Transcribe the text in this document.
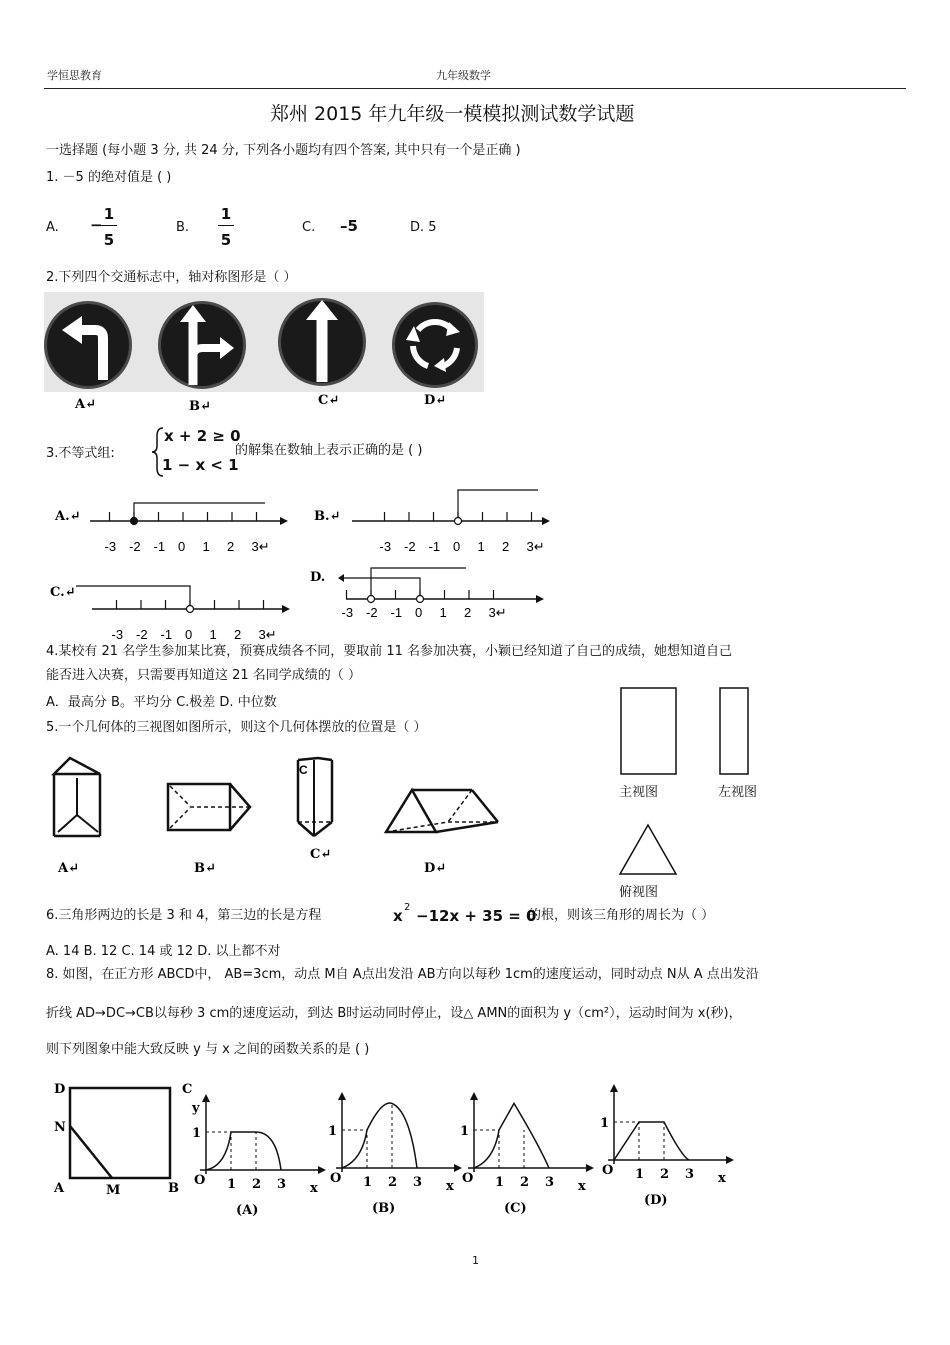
学恒思教育	九年级数学
郑州 2015 年九年级一模模拟测试数学试题
一选择题 (每小题 3 分, 共 24 分, 下列各小题均有四个答案, 其中只有一个是正确 )
1. －5 的绝对值是 ( )
A. −
1
5
B.
1
5
C. –5	D. 5
2.下列四个交通标志中，轴对称图形是（ ）
A↵	B↵	C↵	D↵
3.不等式组:
x + 2 ≥ 0
1 − x < 1
的解集在数轴上表示正确的是 ( )
-3 -2 -1 0 1 2 3↵
A.↵
-3 -2 -1 0 1 2 3↵
B.↵
-3 -2 -1 0 1 2 3↵
C.↵
-3 -2 -1 0 1 2 3↵
D.
4.某校有 21 名学生参加某比赛，预赛成绩各不同，要取前 11 名参加决赛，小颖已经知道了自己的成绩，她想知道自己
能否进入决赛，只需要再知道这 21 名同学成绩的（ ）
A．最高分 B。平均分 C.极差 D. 中位数
5.一个几何体的三视图如图所示，则这个几何体摆放的位置是（ ）
C
A↵	B↵
C↵
D↵
主视图	左视图
俯视图
6.三角形两边的长是 3 和 4，第三边的长是方程	x 2 −12x + 35 = 0
的根，则该三角形的周长为（ ）
A. 14 B. 12 C. 14 或 12 D. 以上都不对
8. 如图，在正方形 ABCD中， AB=3cm，动点 M自 A点出发沿 AB方向以每秒 1cm的速度运动，同时动点 N从 A 点出发沿
折线 AD→DC→CB以每秒 3 cm的速度运动，到达 B时运动同时停止，设△ AMN的面积为 y（cm²），运动时间为 x(秒)，
则下列图象中能大致反映 y 与 x 之间的函数关系的是 ( )
D	C
N
A	M	B
O
1
y
1 2 3 x
(A)
O
1
1 2 3 x
(B)
O
1
1 2 3 x
(C)
O
1
1 2 3 x
(D)
1
